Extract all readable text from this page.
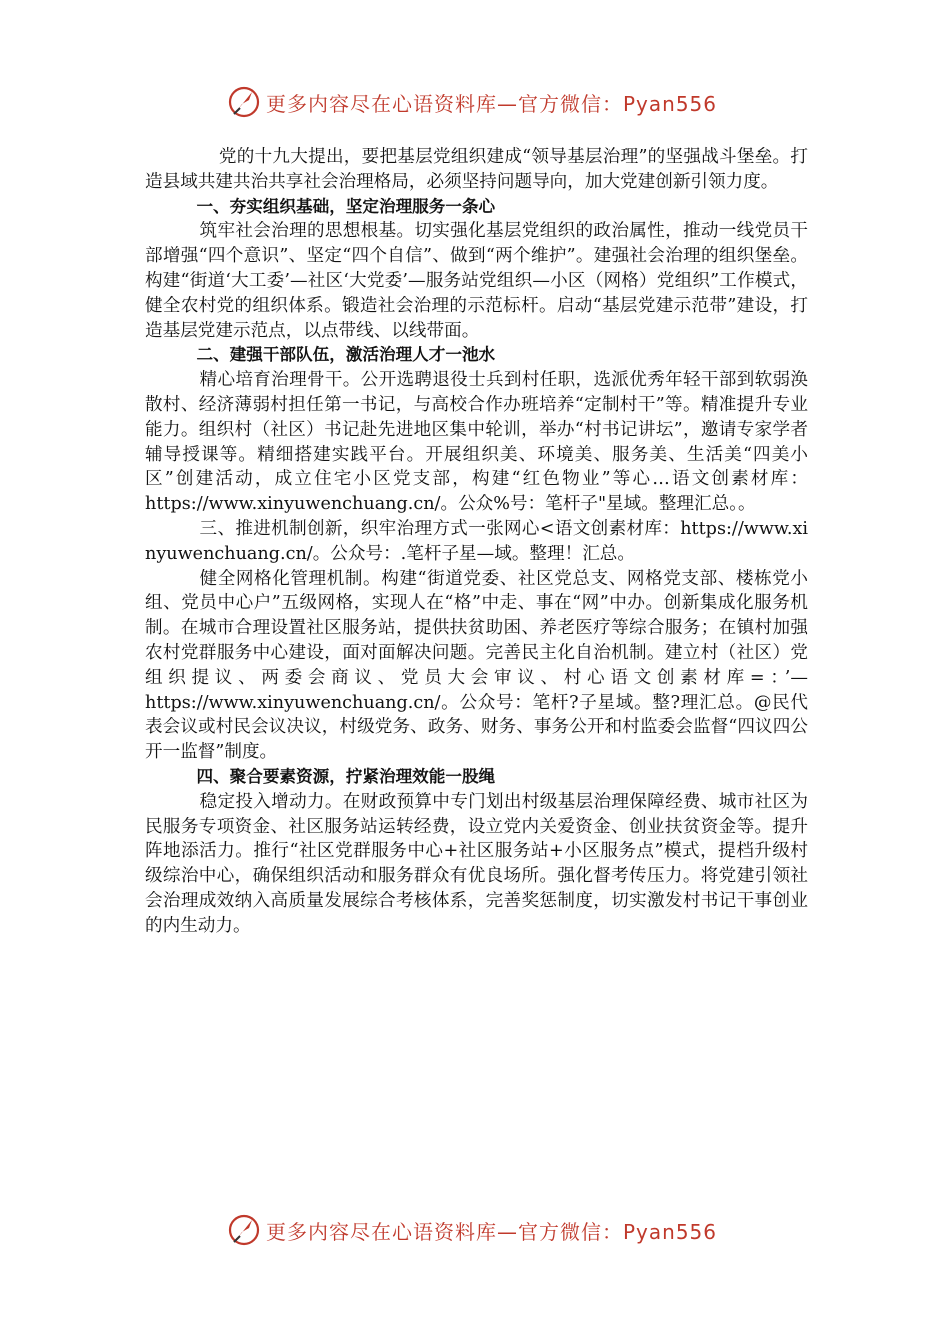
更多内容尽在心语资料库—官方微信：Pyan556

党的十九大提出，要把基层党组织建成“领导基层治理”的坚强战斗堡垒。打造县域共建共治共享社会治理格局，必须坚持问题导向，加大党建创新引领力度。

一、夯实组织基础，坚定治理服务一条心

筑牢社会治理的思想根基。切实强化基层党组织的政治属性，推动一线党员干部增强“四个意识”、坚定“四个自信”、做到“两个维护”。建强社会治理的组织堡垒。构建“街道‘大工委’—社区‘大党委’—服务站党组织—小区（网格）党组织”工作模式，健全农村党的组织体系。锻造社会治理的示范标杆。启动“基层党建示范带”建设，打造基层党建示范点，以点带线、以线带面。

二、建强干部队伍，激活治理人才一池水

精心培育治理骨干。公开选聘退役士兵到村任职，选派优秀年轻干部到软弱涣散村、经济薄弱村担任第一书记，与高校合作办班培养“定制村干”等。精准提升专业能力。组织村（社区）书记赴先进地区集中轮训，举办“村书记讲坛”，邀请专家学者辅导授课等。精细搭建实践平台。开展组织美、环境美、服务美、生活美“四美小区”创建活动，成立住宅小区党支部，构建“红色物业”等心…语文创素材库：https://www.xinyuwenchuang.cn/。公众%号：笔杆子"星域。整理汇总。。

三、推进机制创新，织牢治理方式一张网心<语文创素材库：https://www.xinyuwenchuang.cn/。公众号：.笔杆子星—域。整理！汇总。

健全网格化管理机制。构建“街道党委、社区党总支、网格党支部、楼栋党小组、党员中心户”五级网格，实现人在“格”中走、事在“网”中办。创新集成化服务机制。在城市合理设置社区服务站，提供扶贫助困、养老医疗等综合服务；在镇村加强农村党群服务中心建设，面对面解决问题。完善民主化自治机制。建立村（社区）党组织提议、两委会商议、党员大会审议、村心语文创素材库=：’—https://www.xinyuwenchuang.cn/。公众号：笔杆?子星域。整?理汇总。@民代表会议或村民会议决议，村级党务、政务、财务、事务公开和村监委会监督“四议四公开一监督”制度。

四、聚合要素资源，拧紧治理效能一股绳

稳定投入增动力。在财政预算中专门划出村级基层治理保障经费、城市社区为民服务专项资金、社区服务站运转经费，设立党内关爱资金、创业扶贫资金等。提升阵地添活力。推行“社区党群服务中心+社区服务站+小区服务点”模式，提档升级村级综治中心，确保组织活动和服务群众有优良场所。强化督考传压力。将党建引领社会治理成效纳入高质量发展综合考核体系，完善奖惩制度，切实激发村书记干事创业的内生动力。

更多内容尽在心语资料库—官方微信：Pyan556
